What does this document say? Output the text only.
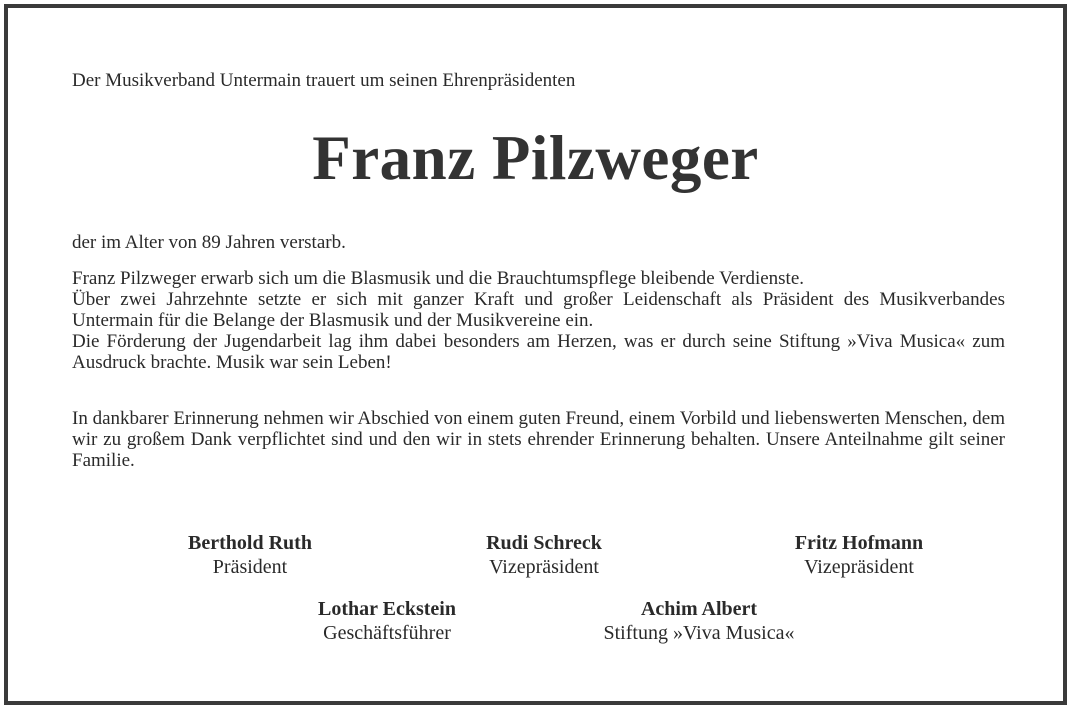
Der Musikverband Untermain trauert um seinen Ehrenpräsidenten

Franz Pilzweger

der im Alter von 89 Jahren verstarb.

Franz Pilzweger erwarb sich um die Blasmusik und die Brauchtumspflege bleibende Verdienste.
Über zwei Jahrzehnte setzte er sich mit ganzer Kraft und großer Leidenschaft als Präsident des Musikverbandes Untermain für die Belange der Blasmusik und der Musikvereine ein.
Die Förderung der Jugendarbeit lag ihm dabei besonders am Herzen, was er durch seine Stiftung »Viva Musica« zum Ausdruck brachte. Musik war sein Leben!

In dankbarer Erinnerung nehmen wir Abschied von einem guten Freund, einem Vorbild und liebenswerten Menschen, dem wir zu großem Dank verpflichtet sind und den wir in stets ehrender Erinnerung behalten. Unsere Anteilnahme gilt seiner Familie.

Berthold Ruth
Präsident
Rudi Schreck
Vizepräsident
Fritz Hofmann
Vizepräsident
Lothar Eckstein
Geschäftsführer
Achim Albert
Stiftung »Viva Musica«
